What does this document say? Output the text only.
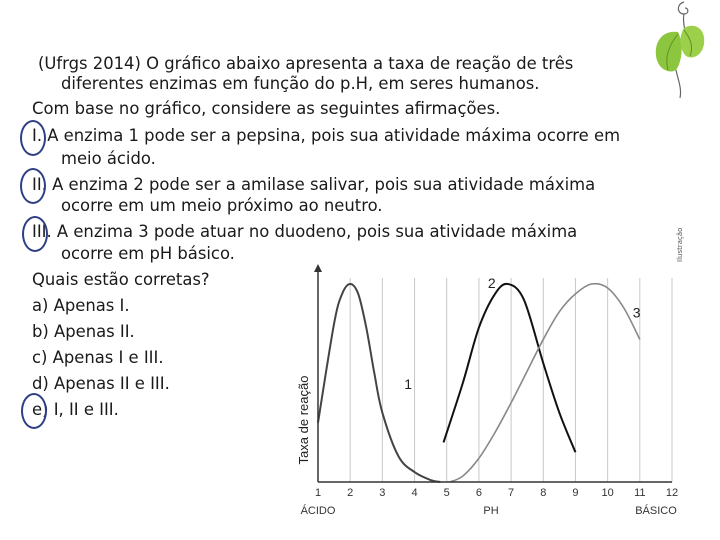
(Ufrgs 2014) O gráfico abaixo apresenta a taxa de reação de três
diferentes enzimas em função do p.H, em seres humanos.
Com base no gráfico, considere as seguintes afirmações.
I. A enzima 1 pode ser a pepsina, pois sua atividade máxima ocorre em
meio ácido.
II. A enzima 2 pode ser a amilase salivar, pois sua atividade máxima
ocorre em um meio próximo ao neutro.
III. A enzima 3 pode atuar no duodeno, pois sua atividade máxima
ocorre em pH básico.
Quais estão corretas?
a) Apenas I.
b) Apenas II.
c) Apenas I e III.
d) Apenas II e III.
e) I, II e III.
Ilustração
1 2 3 4 5 6 7 8 9 10 11 12
Taxa de reação
PH
ÁCIDO	BÁSICO
1
2
3
